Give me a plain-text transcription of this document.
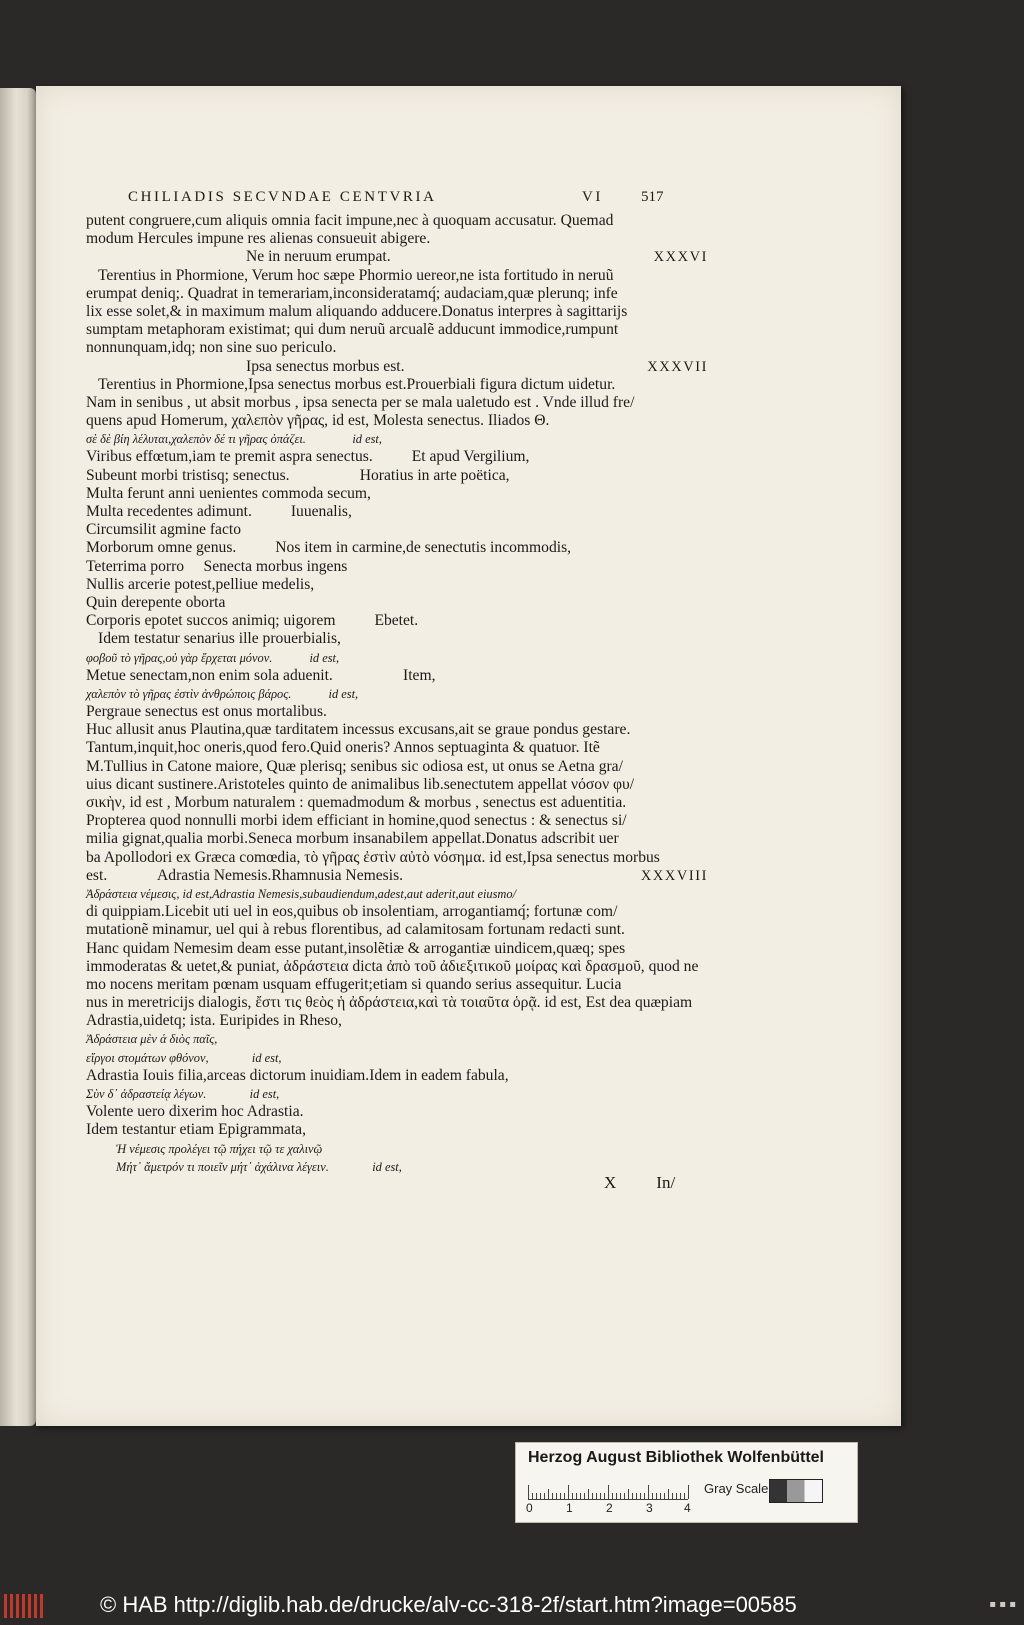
CHILIADIS SECVNDAE CENTVRIA	VI	517
putent congruere,cum aliquis omnia facit impune,nec à quoquam accusatur. Quemad
modum Hercules impune res alienas consueuit abigere.
XXXVI
Ne in neruum erumpat.
Terentius in Phormione, Verum hoc sæpe Phormio uereor,ne ista fortitudo in neruũ
erumpat deniq;. Quadrat in temerariam,inconsideratamq́; audaciam,quæ plerunq; infe
lix esse solet,& in maximum malum aliquando adducere.Donatus interpres à sagittarijs
sumptam metaphoram existimat; qui dum neruũ arcualẽ adducunt immodice,rumpunt
nonnunquam,idq; non sine suo periculo.
XXXVII
Ipsa senectus morbus est.
Terentius in Phormione,Ipsa senectus morbus est.Prouerbiali figura dictum uidetur.
Nam in senibus , ut absit morbus , ipsa senecta per se mala ualetudo est . Vnde illud fre/
quens apud Homerum, χαλεπὸν γῆρας, id est, Molesta senectus. Iliados Θ.
σὲ δὲ βίη λέλυται,χαλεπὸν δέ τι γῆρας ὀπάζει.               id est,
Viribus effœtum,iam te premit aspra senectus.          Et apud Vergilium,
Subeunt morbi tristisq; senectus.                  Horatius in arte poëtica,
Multa ferunt anni uenientes commoda secum,
Multa recedentes adimunt.          Iuuenalis,
Circumsilit agmine facto
Morborum omne genus.          Nos item in carmine,de senectutis incommodis,
Teterrima porro     Senecta morbus ingens
Nullis arcerie potest,pelliue medelis,
Quin derepente oborta
Corporis epotet succos animiq; uigorem          Ebetet.
Idem testatur senarius ille prouerbialis,
φοβοῦ τὸ γῆρας,οὐ γὰρ ἔρχεται μόνον.            id est,
Metue senectam,non enim sola aduenit.                  Item,
χαλεπὸν τὸ γῆρας ἐστὶν ἀνθρώποις βάρος.            id est,
Pergraue senectus est onus mortalibus.
Huc allusit anus Plautina,quæ tarditatem incessus excusans,ait se graue pondus gestare.
Tantum,inquit,hoc oneris,quod fero.Quid oneris? Annos septuaginta & quatuor. Itẽ
M.Tullius in Catone maiore, Quæ plerisq; senibus sic odiosa est, ut onus se Aetna gra/
uius dicant sustinere.Aristoteles quinto de animalibus lib.senectutem appellat νόσον φυ/
σικὴν, id est , Morbum naturalem : quemadmodum & morbus , senectus est aduentitia.
Propterea quod nonnulli morbi idem efficiant in homine,quod senectus : & senectus si/
milia gignat,qualia morbi.Seneca morbum insanabilem appellat.Donatus adscribit uer
ba Apollodori ex Græca comœdia, τὸ γῆρας ἐστὶν αὐτὸ νόσημα. id est,Ipsa senectus morbus
XXXVIII
est.             Adrastia Nemesis.Rhamnusia Nemesis.
Ἀδράστεια νέμεσις, id est,Adrastia Nemesis,subaudiendum,adest,aut aderit,aut eiusmo/
di quippiam.Licebit uti uel in eos,quibus ob insolentiam, arrogantiamq́; fortunæ com/
mutationẽ minamur, uel qui à rebus florentibus, ad calamitosam fortunam redacti sunt.
Hanc quidam Nemesim deam esse putant,insolẽtiæ & arrogantiæ uindicem,quæq; spes
immoderatas & uetet,& puniat, ἀδράστεια dicta ἀπὸ τοῦ ἀδιεξιτικοῦ μοίρας καὶ δρασμοῦ, quod ne
mo nocens meritam pœnam usquam effugerit;etiam si quando serius assequitur. Lucia
nus in meretricijs dialogis, ἔστι τις θεὸς ἡ ἀδράστεια,καὶ τὰ τοιαῦτα ὁρᾷ. id est, Est dea quæpiam
Adrastia,uidetq; ista. Euripides in Rheso,
Ἀδράστεια μὲν ἁ διὸς παῖς,
εἴργοι στομάτων φθόνον,              id est,
Adrastia Iouis filia,arceas dictorum inuidiam.Idem in eadem fabula,
Σὺν δ᾽ ἀδραστείᾳ λέγων.              id est,
Volente uero dixerim hoc Adrastia.
Idem testantur etiam Epigrammata,
Ἡ νέμεσις προλέγει τῷ πήχει τῷ τε χαλινῷ
Μήτ᾽ ἄμετρόν τι ποιεῖν μήτ᾽ ἀχάλινα λέγειν.              id est,
X In/
Herzog August Bibliothek Wolfenbüttel
0	1	2	3	4
Gray Scale
© HAB http://diglib.hab.de/drucke/alv-cc-318-2f/start.htm?image=00585	▪ ▪ ▪
